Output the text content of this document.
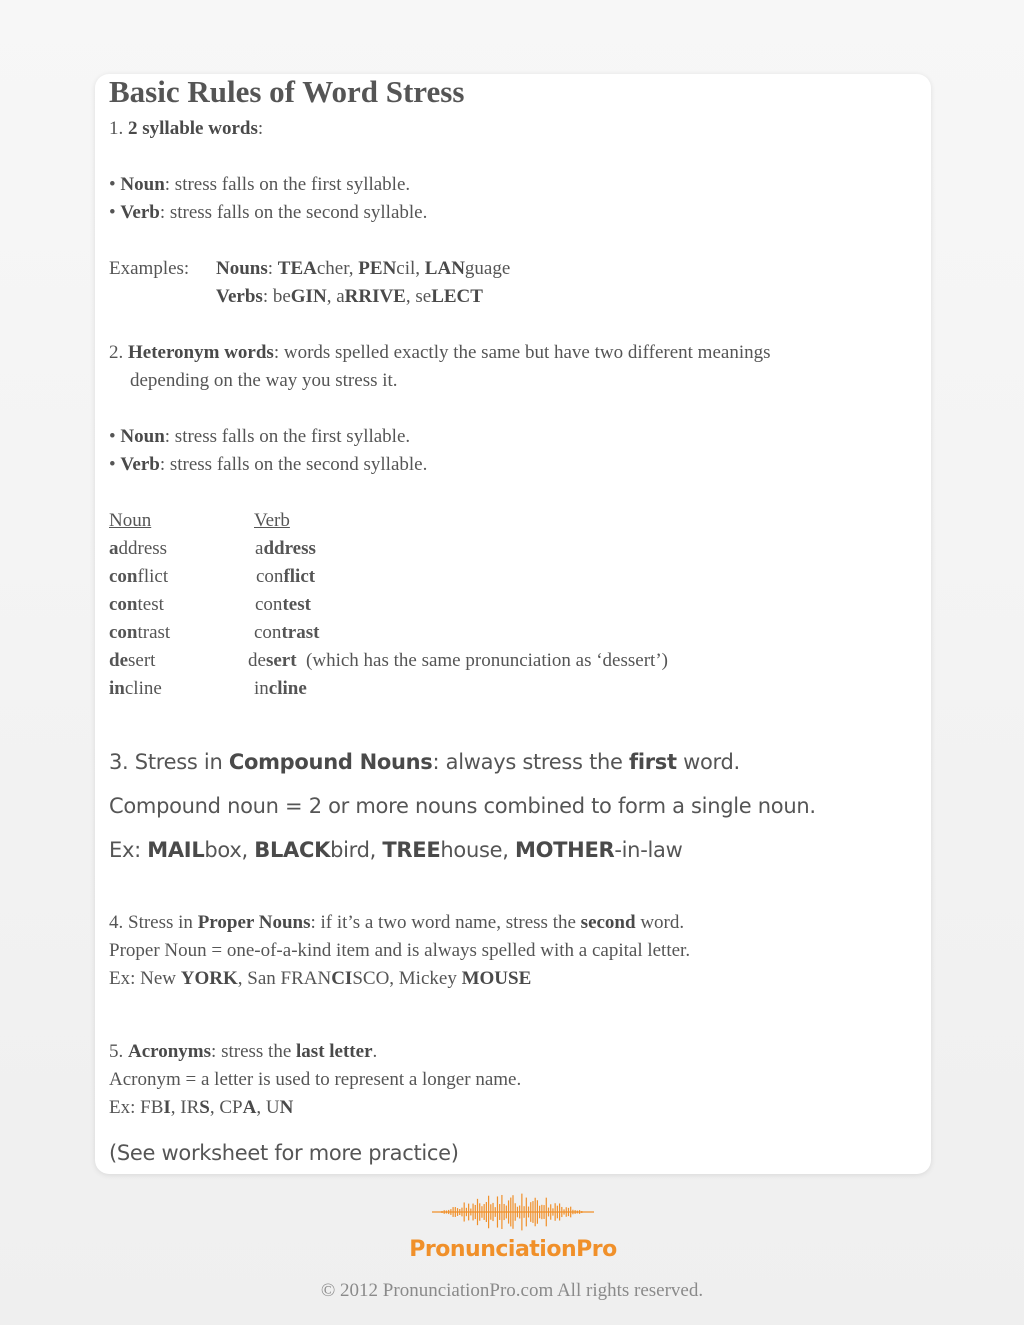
Basic Rules of Word Stress
1. 2 syllable words:
• Noun: stress falls on the first syllable.
• Verb: stress falls on the second syllable.
Examples: Nouns: TEAcher, PENcil, LANguage
Verbs: beGIN, aRRIVE, seLECT
2. Heteronym words: words spelled exactly the same but have two different meanings
depending on the way you stress it.
• Noun: stress falls on the first syllable.
• Verb: stress falls on the second syllable.
Noun	Verb
address	address
conflict	conflict
contest	contest
contrast	contrast
desert	desert (which has the same pronunciation as ‘dessert’)
incline	incline
3. Stress in Compound Nouns: always stress the first word.
Compound noun = 2 or more nouns combined to form a single noun.
Ex: MAILbox, BLACKbird, TREEhouse, MOTHER-in-law
4. Stress in Proper Nouns: if it’s a two word name, stress the second word.
Proper Noun = one-of-a-kind item and is always spelled with a capital letter.
Ex: New YORK, San FRANCISCO, Mickey MOUSE
5. Acronyms: stress the last letter.
Acronym = a letter is used to represent a longer name.
Ex: FBI, IRS, CPA, UN
(See worksheet for more practice)
PronunciationPro
© 2012 PronunciationPro.com All rights reserved.
